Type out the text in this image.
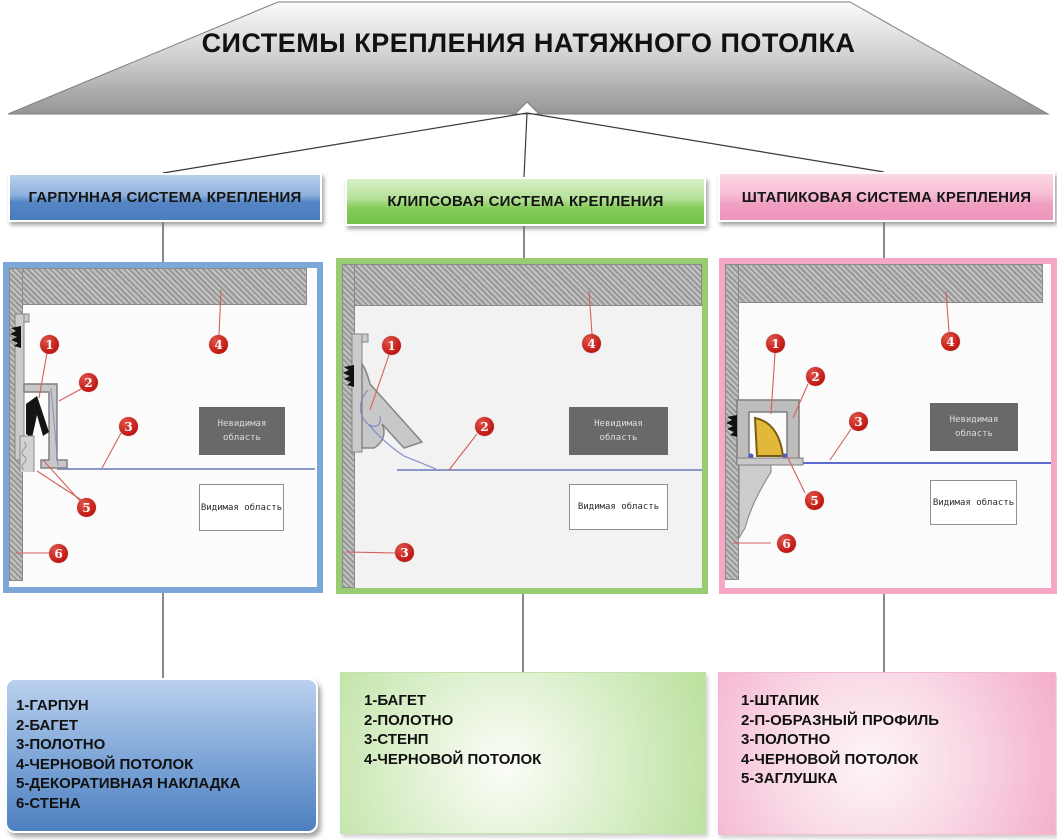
СИСТЕМЫ КРЕПЛЕНИЯ НАТЯЖНОГО ПОТОЛКА
ГАРПУННАЯ СИСТЕМА КРЕПЛЕНИЯ	КЛИПСОВАЯ СИСТЕМА КРЕПЛЕНИЯ	ШТАПИКОВАЯ СИСТЕМА КРЕПЛЕНИЯ
1
2
3
4
5
6
Невидимая область
Видимая область
1
2
3
4
Невидимая область
Видимая область
1
2
3
4
5
6
Невидимая область
Видимая область
1-ГАРПУН
2-БАГЕТ
3-ПОЛОТНО
4-ЧЕРНОВОЙ ПОТОЛОК
5-ДЕКОРАТИВНАЯ НАКЛАДКА
6-СТЕНА
1-БАГЕТ
2-ПОЛОТНО
3-СТЕНП
4-ЧЕРНОВОЙ ПОТОЛОК
1-ШТАПИК
2-П-ОБРАЗНЫЙ ПРОФИЛЬ
3-ПОЛОТНО
4-ЧЕРНОВОЙ ПОТОЛОК
5-ЗАГЛУШКА
